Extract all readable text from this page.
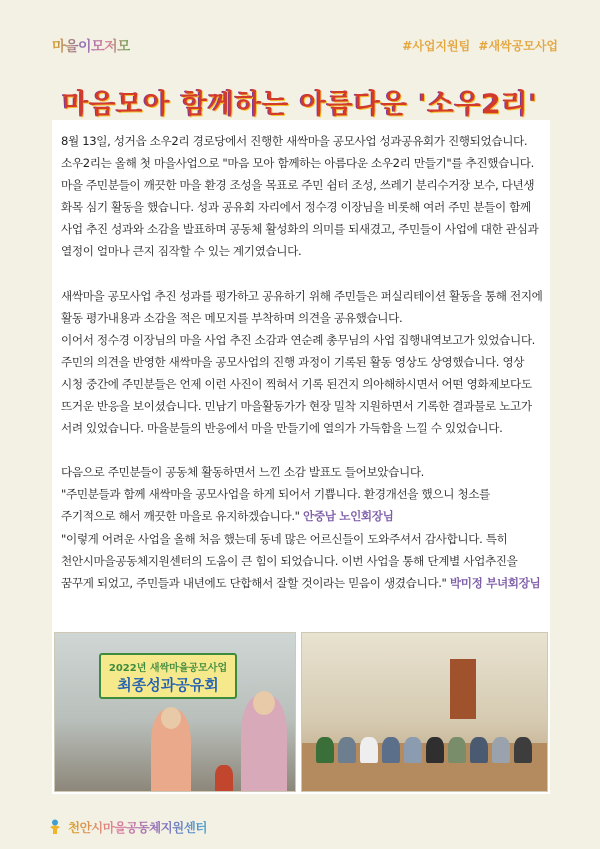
마을이모저모	#사업지원팀 #새싹공모사업
마음모아 함께하는 아름다운 '소우2리'

8월 13일, 성거읍 소우2리 경로당에서 진행한 새싹마을 공모사업 성과공유회가 진행되었습니다. 소우2리는 올해 첫 마을사업으로 "마음 모아 함께하는 아름다운 소우2리 만들기"를 추진했습니다. 마을 주민분들이 깨끗한 마을 환경 조성을 목표로 주민 쉼터 조성, 쓰레기 분리수거장 보수, 다년생 화목 심기 활동을 했습니다. 성과 공유회 자리에서 정수경 이장님을 비롯해 여러 주민 분들이 함께 사업 추진 성과와 소감을 발표하며 공동체 활성화의 의미를 되새겼고, 주민들이 사업에 대한 관심과 열정이 얼마나 큰지 짐작할 수 있는 계기였습니다.

새싹마을 공모사업 추진 성과를 평가하고 공유하기 위해 주민들은 퍼실리테이션 활동을 통해 전지에 활동 평가내용과 소감을 적은 메모지를 부착하며 의견을 공유했습니다.

이어서 정수경 이장님의 마을 사업 추진 소감과 연순례 총무님의 사업 집행내역보고가 있었습니다. 주민의 의견을 반영한 새싹마을 공모사업의 진행 과정이 기록된 활동 영상도 상영했습니다. 영상 시청 중간에 주민분들은 언제 이런 사진이 찍혀서 기록 된건지 의아해하시면서 어떤 영화제보다도 뜨거운 반응을 보이셨습니다. 민남기 마을활동가가 현장 밀착 지원하면서 기록한 결과물로 노고가 서려 있었습니다. 마을분들의 반응에서 마을 만들기에 열의가 가득함을 느낄 수 있었습니다.

다음으로 주민분들이 공동체 활동하면서 느낀 소감 발표도 들어보았습니다.

"주민분들과 함께 새싹마을 공모사업을 하게 되어서 기쁩니다. 환경개선을 했으니 청소를 주기적으로 해서 깨끗한 마을로 유지하겠습니다." 안중남 노인회장님

"이렇게 어려운 사업을 올해 처음 했는데 동네 많은 어르신들이 도와주셔서 감사합니다. 특히 천안시마을공동체지원센터의 도움이 큰 힘이 되었습니다. 이번 사업을 통해 단계별 사업추진을 꿈꾸게 되었고, 주민들과 내년에도 단합해서 잘할 것이라는 믿음이 생겼습니다." 박미정 부녀회장님

2022년 새싹마을공모사업
최종성과공유회
천안시마을공동체지원센터
